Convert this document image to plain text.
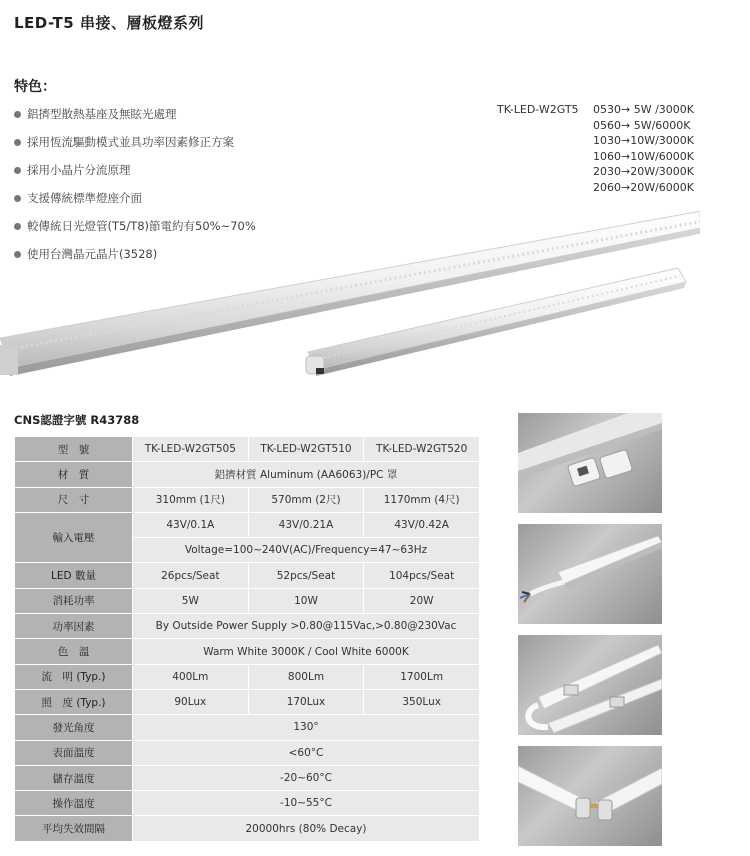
LED-T5 串接、層板燈系列
特色：
鋁擠型散熱基座及無眩光處理
採用恆流驅動模式並具功率因素修正方案
採用小晶片分流原理
支援傳統標準燈座介面
較傳統日光燈管(T5/T8)節電約有50%~70%
使用台灣晶元晶片(3528)
TK-LED-W2GT5	0530→ 5W /3000K
0560→ 5W/6000K
1030→10W/3000K
1060→10W/6000K
2030→20W/3000K
2060→20W/6000K
CNS認證字號 R43788
型　號	TK-LED-W2GT505	TK-LED-W2GT510	TK-LED-W2GT520
材　質	鋁擠材質 Aluminum (AA6063)/PC 罩		
尺　寸	310mm (1尺)	570mm (2尺)	1170mm (4尺)
輸入電壓	43V/0.1A	43V/0.21A	43V/0.42A
	Voltage=100~240V(AC)/Frequency=47~63Hz		
LED 數量	26pcs/Seat	52pcs/Seat	104pcs/Seat
消耗功率	5W	10W	20W
功率因素	By Outside Power Supply >0.80@115Vac,>0.80@230Vac		
色　溫	Warm White 3000K / Cool White 6000K		
流　明 (Typ.)	400Lm	800Lm	1700Lm
照　度 (Typ.)	90Lux	170Lux	350Lux
發光角度	130°		
表面溫度	<60°C		
儲存溫度	-20~60°C		
操作溫度	-10~55°C		
平均失效間隔	20000hrs (80% Decay)		
